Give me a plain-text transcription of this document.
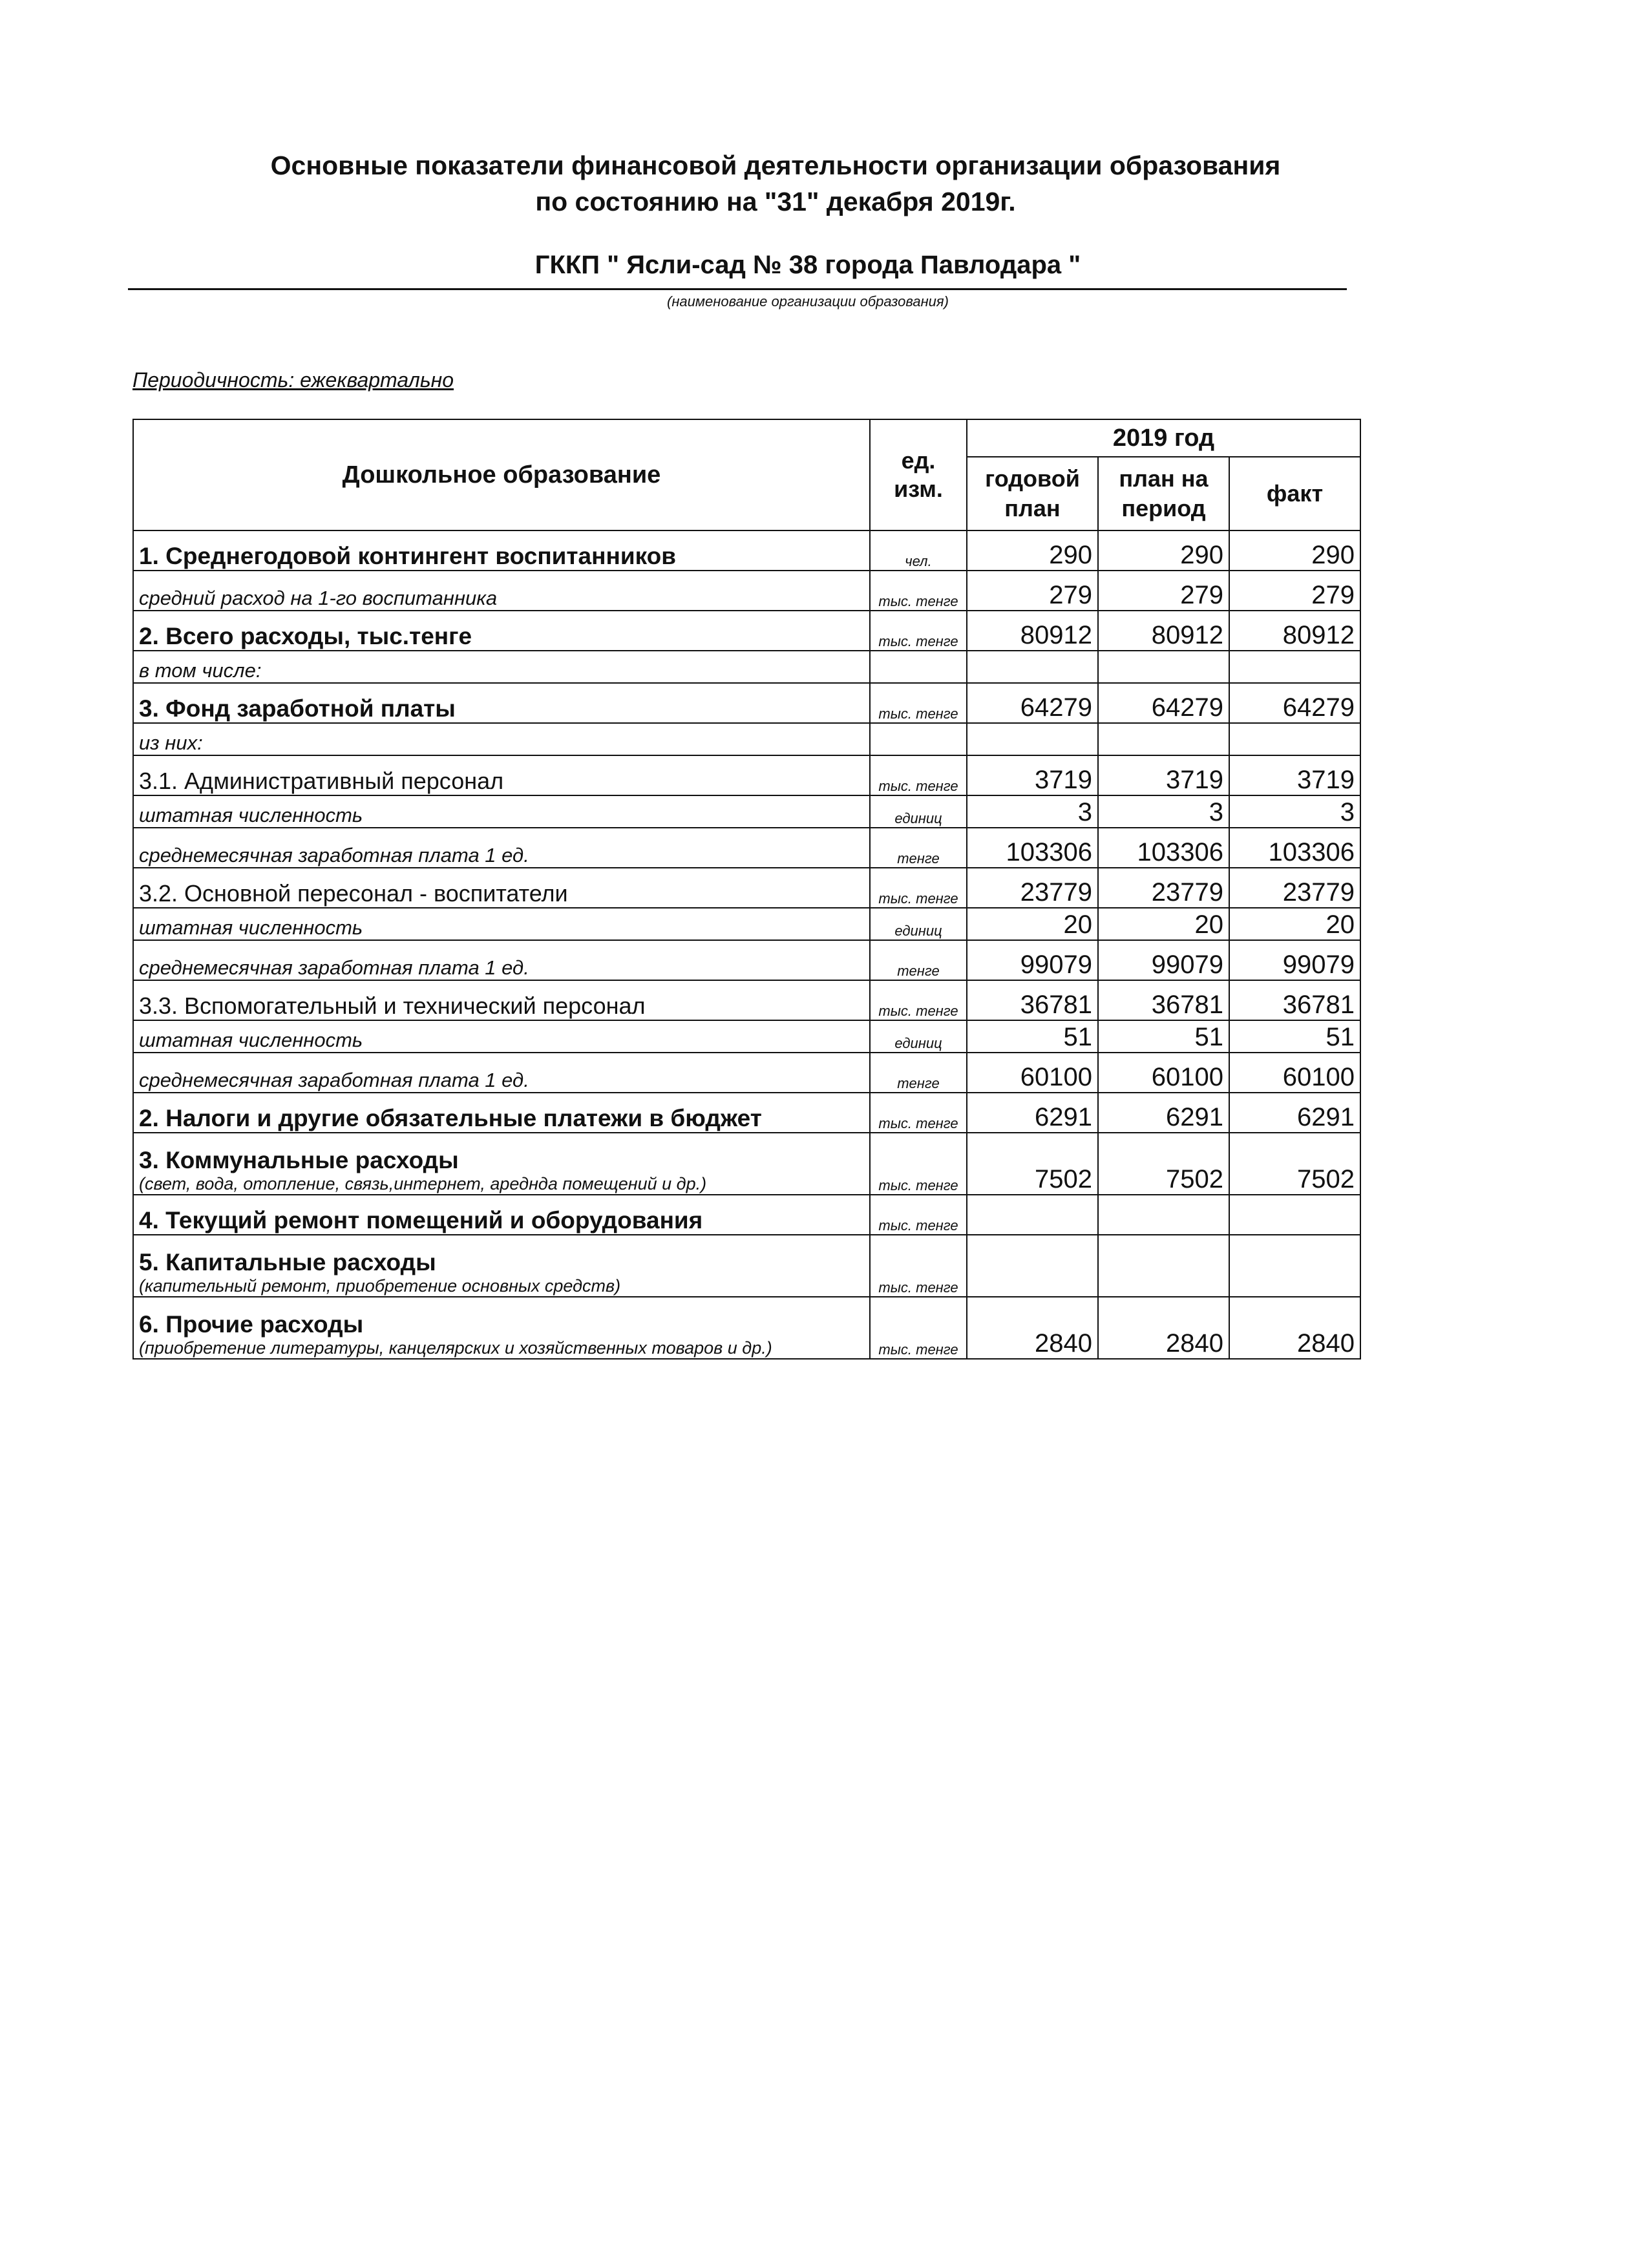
Основные показатели финансовой деятельности организации образования
по состоянию на "31" декабря 2019г.
ГККП " Ясли-сад № 38 города Павлодара "
(наименование организации образования)
Периодичность: ежеквартально
Дошкольное образование	ед. изм.	2019 год		
		годовой план	план на период	факт
1. Среднегодовой контингент воспитанников	чел.	290	290	290
средний расход на 1-го воспитанника	тыс. тенге	279	279	279
2. Всего расходы, тыс.тенге	тыс. тенге	80912	80912	80912
в том числе:				
3. Фонд заработной платы	тыс. тенге	64279	64279	64279
из них:				
3.1. Административный персонал	тыс. тенге	3719	3719	3719
штатная численность	единиц	3	3	3
среднемесячная заработная плата 1 ед.	тенге	103306	103306	103306
3.2. Основной пересонал - воспитатели	тыс. тенге	23779	23779	23779
штатная численность	единиц	20	20	20
среднемесячная заработная плата 1 ед.	тенге	99079	99079	99079
3.3. Вспомогательный и технический персонал	тыс. тенге	36781	36781	36781
штатная численность	единиц	51	51	51
среднемесячная заработная плата 1 ед.	тенге	60100	60100	60100
2. Налоги и другие обязательные платежи в бюджет	тыс. тенге	6291	6291	6291
3. Коммунальные расходы
(свет, вода, отопление, связь,интернет, ареднда помещений и др.)	тыс. тенге	7502	7502	7502
4. Текущий ремонт помещений и оборудования	тыс. тенге			
5. Капитальные расходы
(капительный ремонт, приобретение основных средств)	тыс. тенге			
6. Прочие расходы
(приобретение литературы, канцелярских и хозяйственных товаров и др.)	тыс. тенге	2840	2840	2840
